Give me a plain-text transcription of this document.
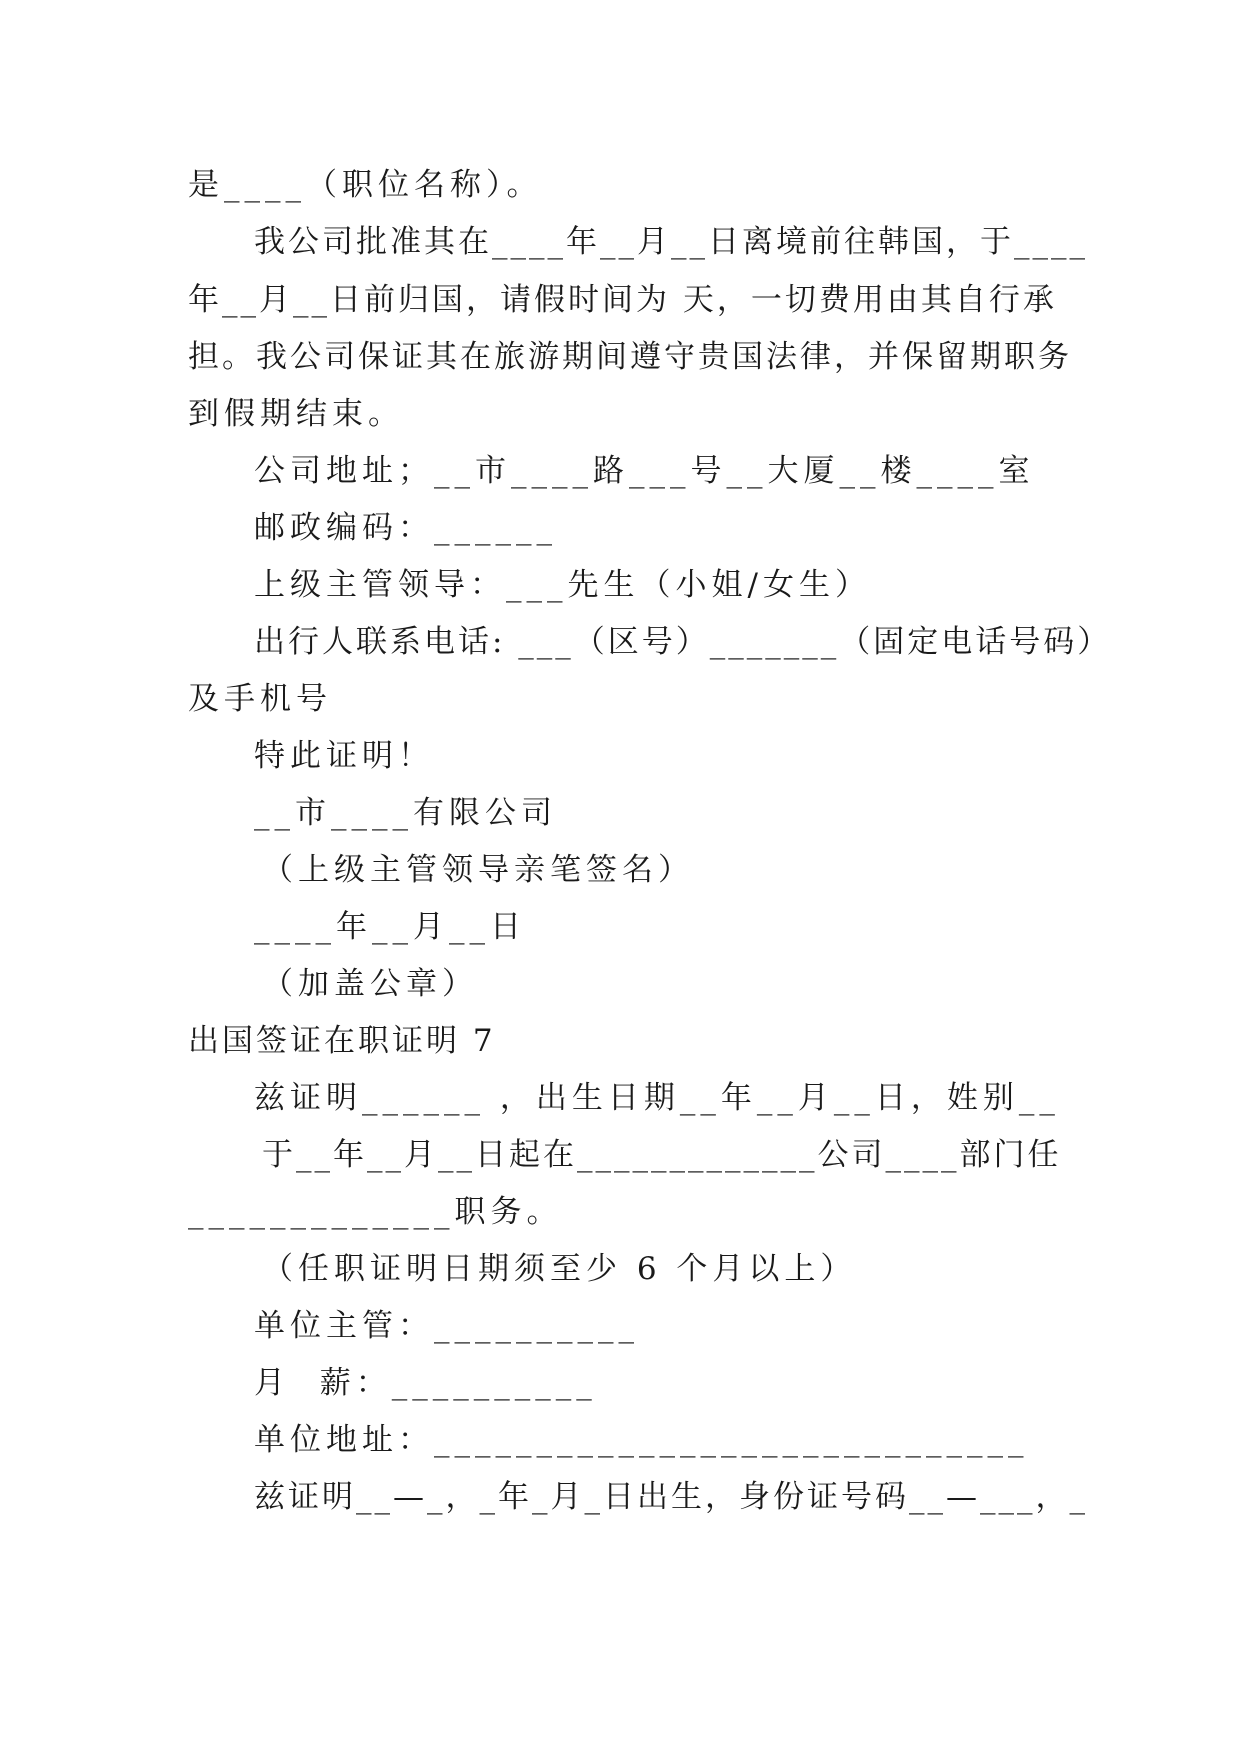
是____（职位名称）。
我公司批准其在____年__月__日离境前往韩国，于____
年__月__日前归国，请假时间为 天，一切费用由其自行承
担。我公司保证其在旅游期间遵守贵国法律，并保留期职务
到假期结束。
公司地址；__市____路___号__大厦__楼____室
邮政编码：______
上级主管领导：___先生（小姐/女生）
出行人联系电话: ___（区号）_______（固定电话号码）
及手机号
特此证明！
__市____有限公司
（上级主管领导亲笔签名）
____年__月__日
（加盖公章）
出国签证在职证明 7
兹证明______ ，出生日期__年__月__日，姓别__
于__年__月__日起在_____________公司____部门任
_____________职务。
（任职证明日期须至少 6 个月以上）
单位主管：__________
月  薪：__________
单位地址：_____________________________
兹证明__—_，_年_月_日出生，身份证号码__—___，_
